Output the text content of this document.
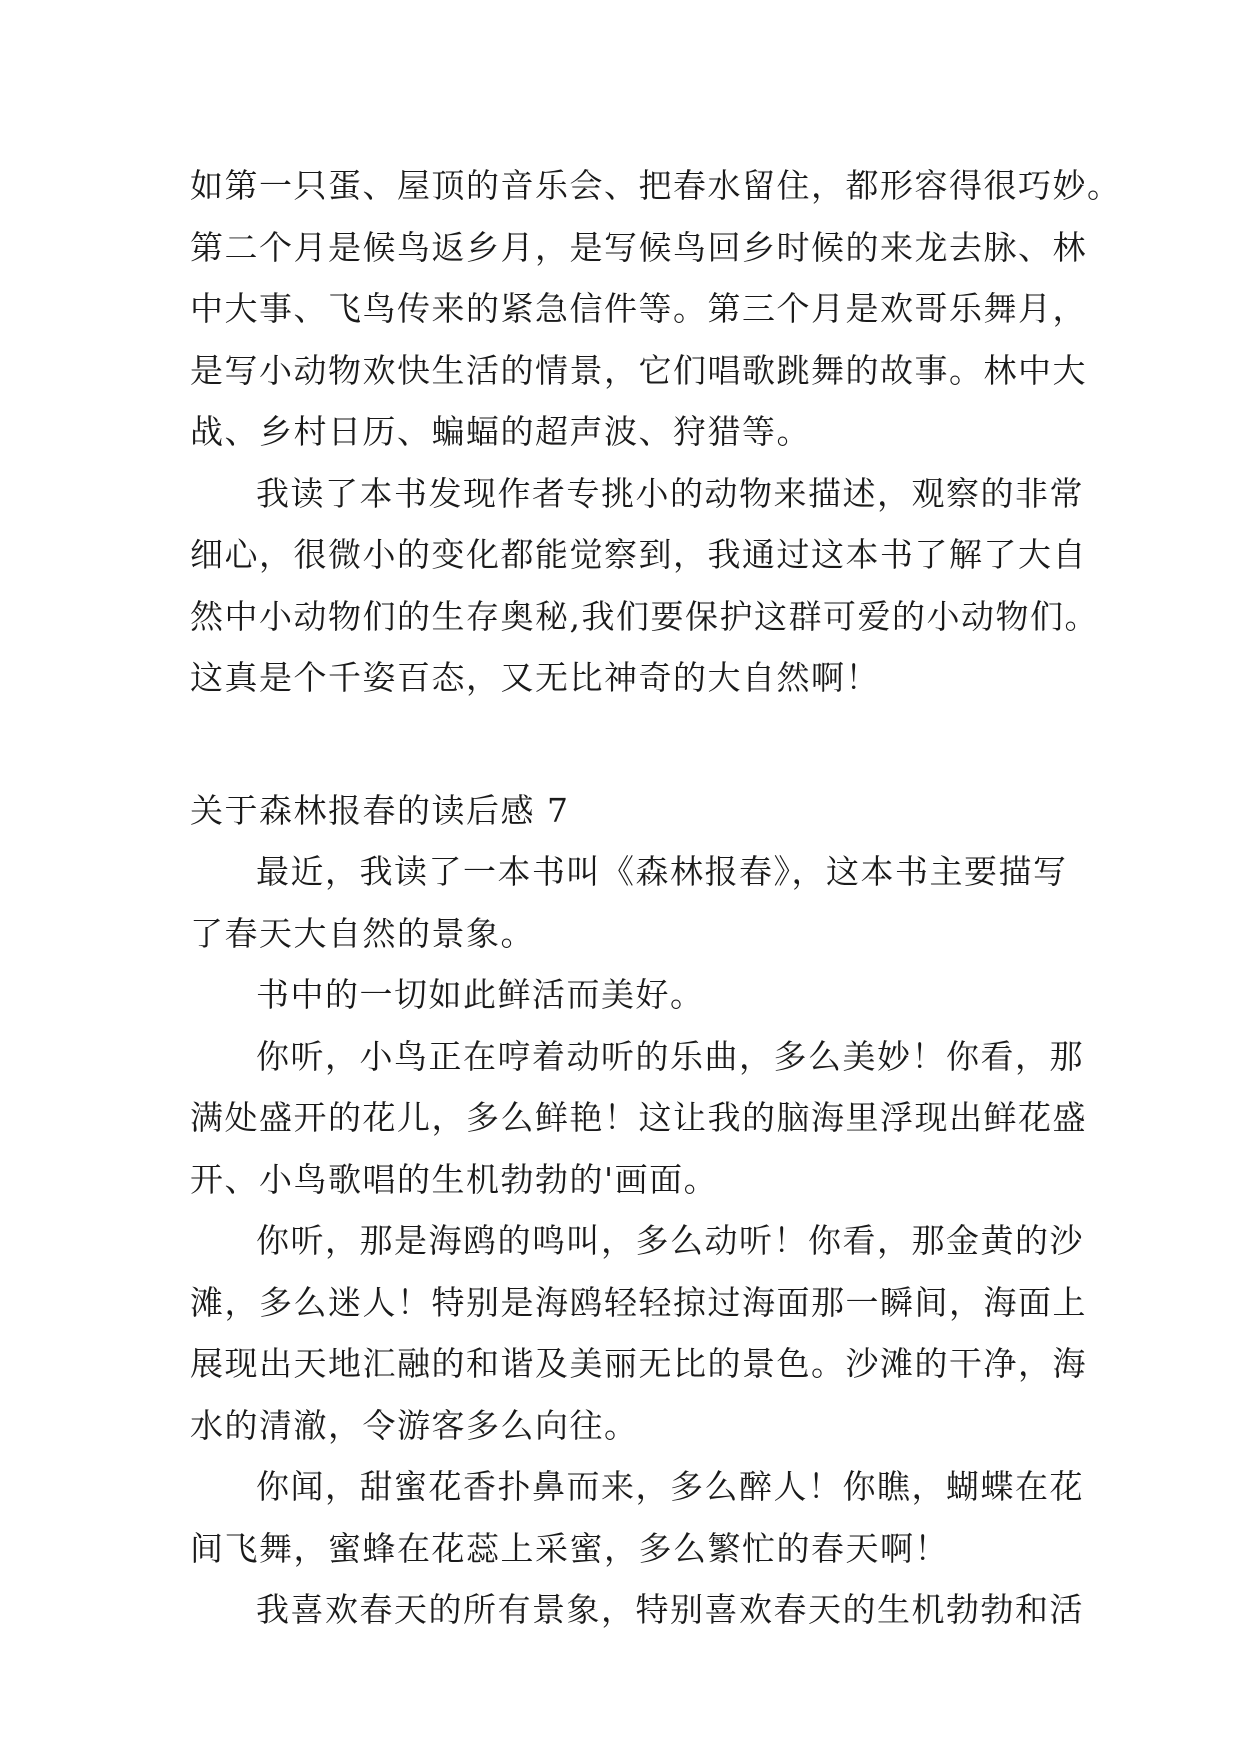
如第一只蛋、屋顶的音乐会、把春水留住，都形容得很巧妙。
第二个月是候鸟返乡月，是写候鸟回乡时候的来龙去脉、林
中大事、飞鸟传来的紧急信件等。第三个月是欢哥乐舞月，
是写小动物欢快生活的情景，它们唱歌跳舞的故事。林中大
战、乡村日历、蝙蝠的超声波、狩猎等。
我读了本书发现作者专挑小的动物来描述，观察的非常
细心，很微小的变化都能觉察到，我通过这本书了解了大自
然中小动物们的生存奥秘,我们要保护这群可爱的小动物们。
这真是个千姿百态，又无比神奇的大自然啊！
关于森林报春的读后感 7
最近，我读了一本书叫《森林报春》，这本书主要描写
了春天大自然的景象。
书中的一切如此鲜活而美好。
你听，小鸟正在哼着动听的乐曲，多么美妙！你看，那
满处盛开的花儿，多么鲜艳！这让我的脑海里浮现出鲜花盛
开、小鸟歌唱的生机勃勃的'画面。
你听，那是海鸥的鸣叫，多么动听！你看，那金黄的沙
滩，多么迷人！特别是海鸥轻轻掠过海面那一瞬间，海面上
展现出天地汇融的和谐及美丽无比的景色。沙滩的干净，海
水的清澈，令游客多么向往。
你闻，甜蜜花香扑鼻而来，多么醉人！你瞧，蝴蝶在花
间飞舞，蜜蜂在花蕊上采蜜，多么繁忙的春天啊！
我喜欢春天的所有景象，特别喜欢春天的生机勃勃和活
